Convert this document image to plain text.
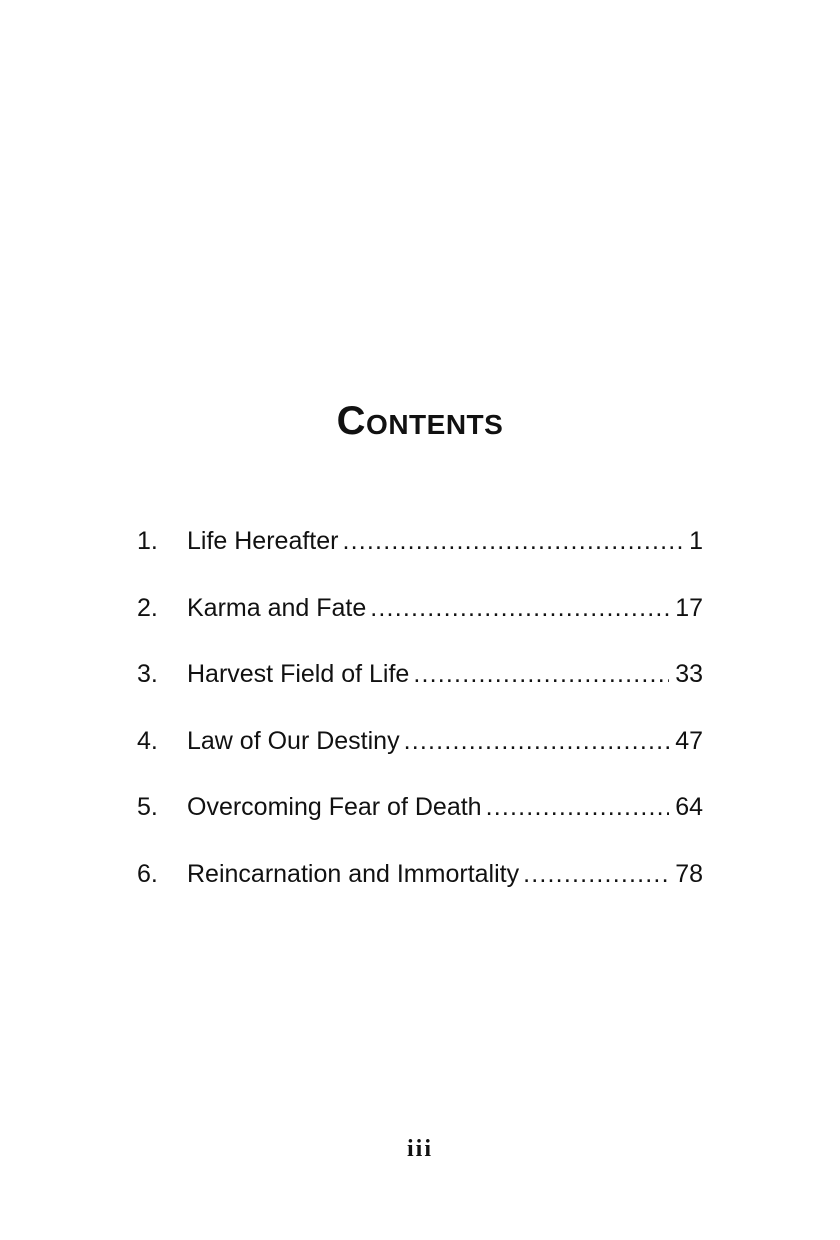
Contents
1.	Life Hereafter .....	1
2.	Karma and Fate .....	17
3.	Harvest Field of Life .....	33
4.	Law of Our Destiny .....	47
5.	Overcoming Fear of Death .....	64
6.	Reincarnation and Immortality .....	78
iii
